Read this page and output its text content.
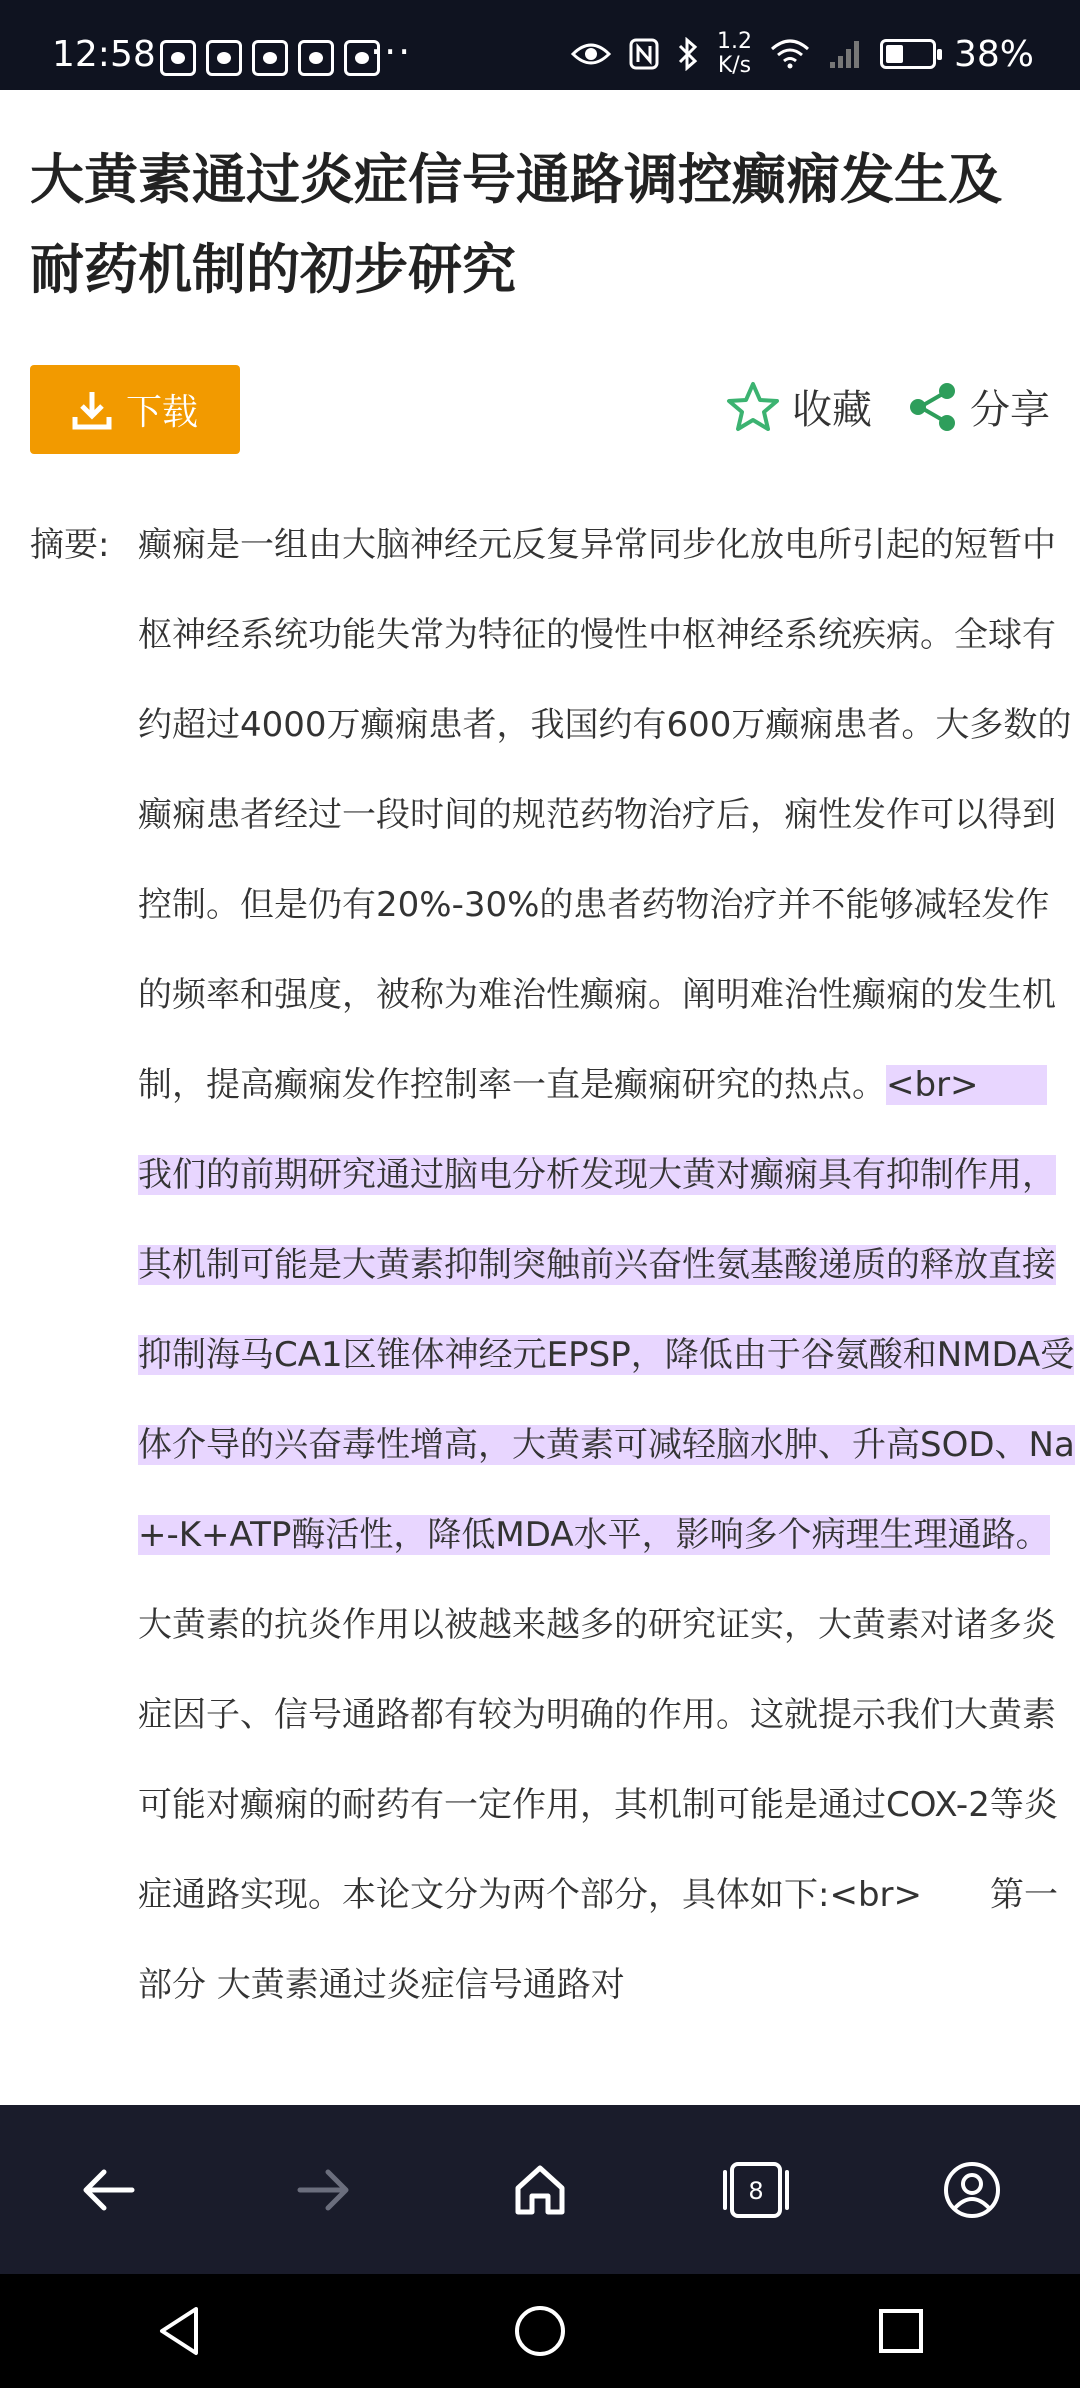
12:58	···	1.2
K/s	38%
大黄素通过炎症信号通路调控癫痫发生及耐药机制的初步研究
下载	收藏 分享
摘要: 癫痫是一组由大脑神经元反复异常同步化放电所引起的短暂中枢神经系统功能失常为特征的慢性中枢神经系统疾病。全球有约超过4000万癫痫患者，我国约有600万癫痫患者。大多数的癫痫患者经过一段时间的规范药物治疗后，痫性发作可以得到控制。但是仍有20%-30%的患者药物治疗并不能够减轻发作的频率和强度，被称为难治性癫痫。阐明难治性癫痫的发生机制，提高癫痫发作控制率一直是癫痫研究的热点。<br>　　我们的前期研究通过脑电分析发现大黄对癫痫具有抑制作用，其机制可能是大黄素抑制突触前兴奋性氨基酸递质的释放直接抑制海马CA1区锥体神经元EPSP，降低由于谷氨酸和NMDA受体介导的兴奋毒性增高，大黄素可减轻脑水肿、升高SOD、Na+-K+ATP酶活性，降低MDA水平，影响多个病理生理通路。大黄素的抗炎作用以被越来越多的研究证实，大黄素对诸多炎症因子、信号通路都有较为明确的作用。这就提示我们大黄素可能对癫痫的耐药有一定作用，其机制可能是通过COX-2等炎症通路实现。本论文分为两个部分，具体如下:<br>　　第一部分 大黄素通过炎症信号通路对
8
